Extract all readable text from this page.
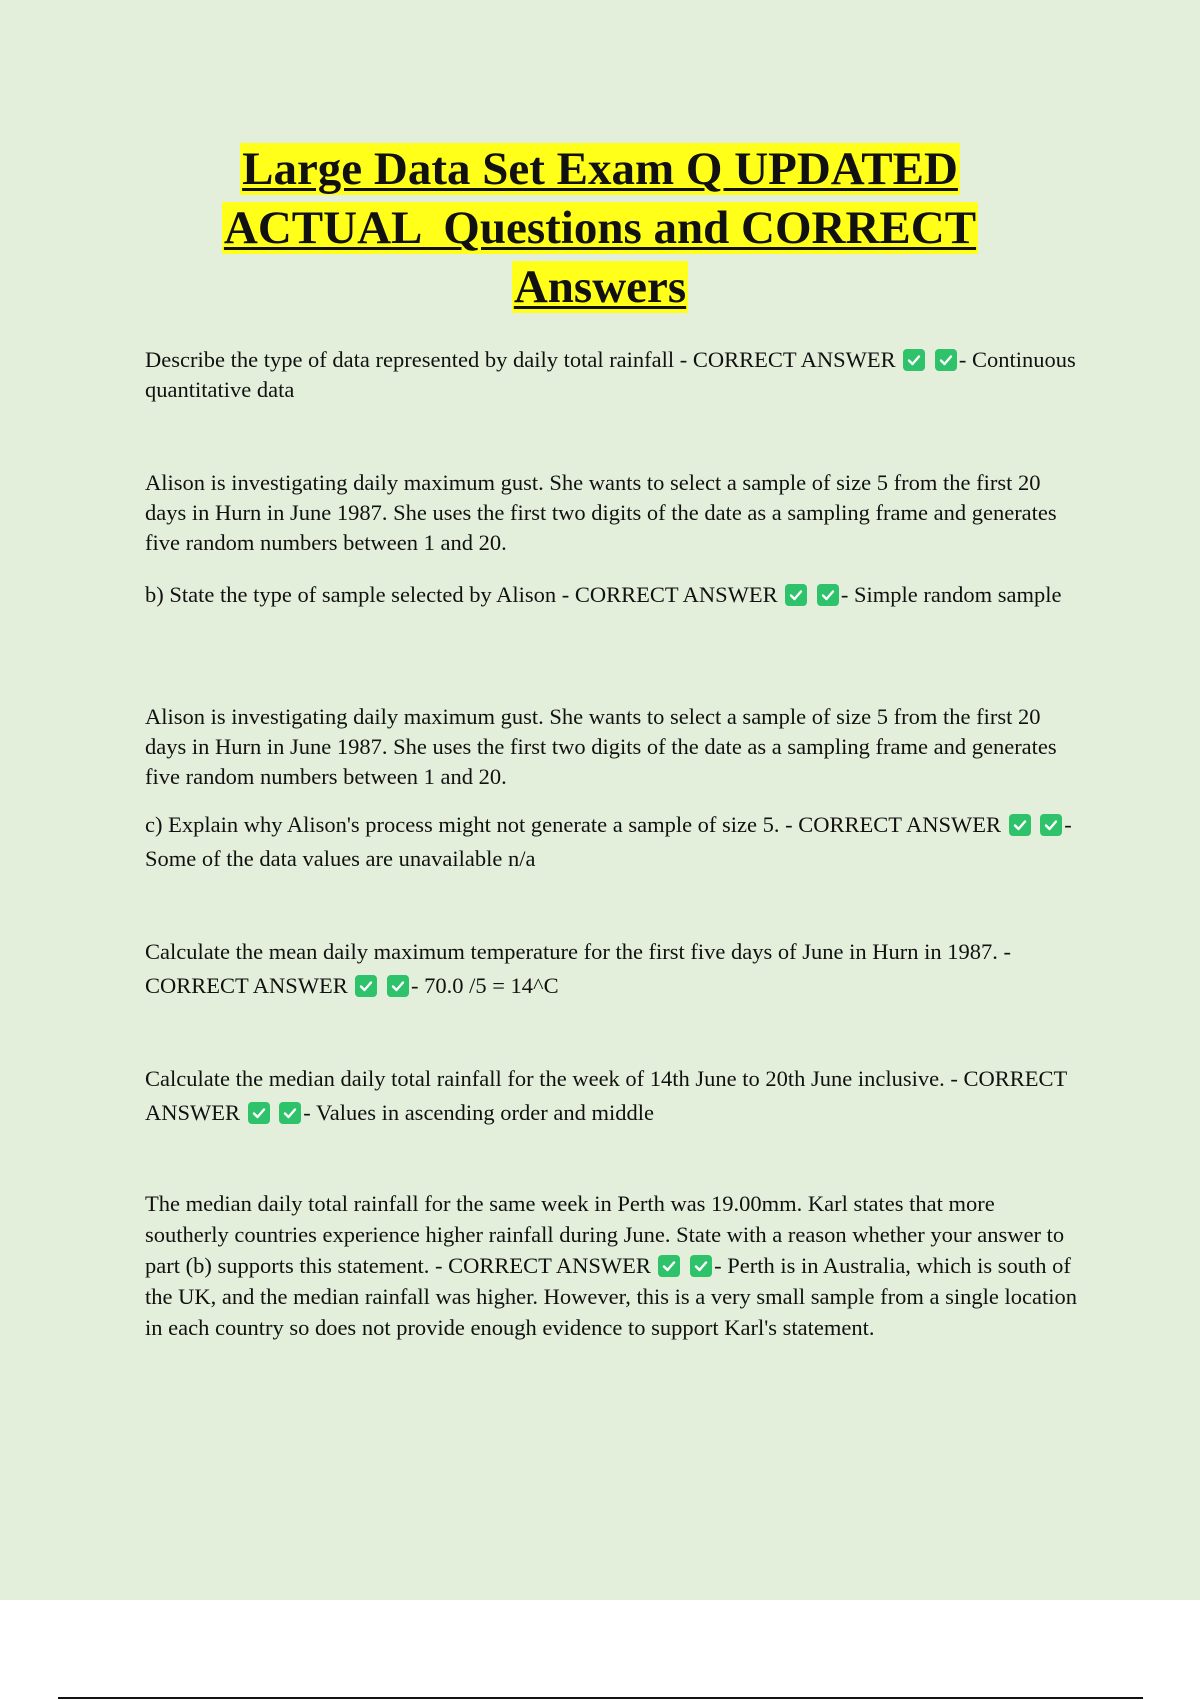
Large Data Set Exam Q UPDATED
ACTUAL  Questions and CORRECT
Answers

Describe the type of data represented by daily total rainfall - CORRECT ANSWER
	- Continuous quantitative data

Alison is investigating daily maximum gust. She wants to select a sample of size 5 from the first 20 days in Hurn in June 1987. She uses the first two digits of the date as a sampling frame and generates five random numbers between 1 and 20.

b) State the type of sample selected by Alison - CORRECT ANSWER
	- Simple random sample

Alison is investigating daily maximum gust. She wants to select a sample of size 5 from the first 20 days in Hurn in June 1987. She uses the first two digits of the date as a sampling frame and generates five random numbers between 1 and 20.

c) Explain why Alison's process might not generate a sample of size 5. - CORRECT ANSWER
	- Some of the data values are unavailable n/a

Calculate the mean daily maximum temperature for the first five days of June in Hurn in 1987. - CORRECT ANSWER
	- 70.0 /5 = 14^C

Calculate the median daily total rainfall for the week of 14th June to 20th June inclusive. - CORRECT ANSWER
	- Values in ascending order and middle

The median daily total rainfall for the same week in Perth was 19.00mm. Karl states that more southerly countries experience higher rainfall during June. State with a reason whether your answer to part (b) supports this statement. - CORRECT ANSWER
	- Perth is in Australia, which is south of the UK, and the median rainfall was higher. However, this is a very small sample from a single location in each country so does not provide enough evidence to support Karl's statement.
